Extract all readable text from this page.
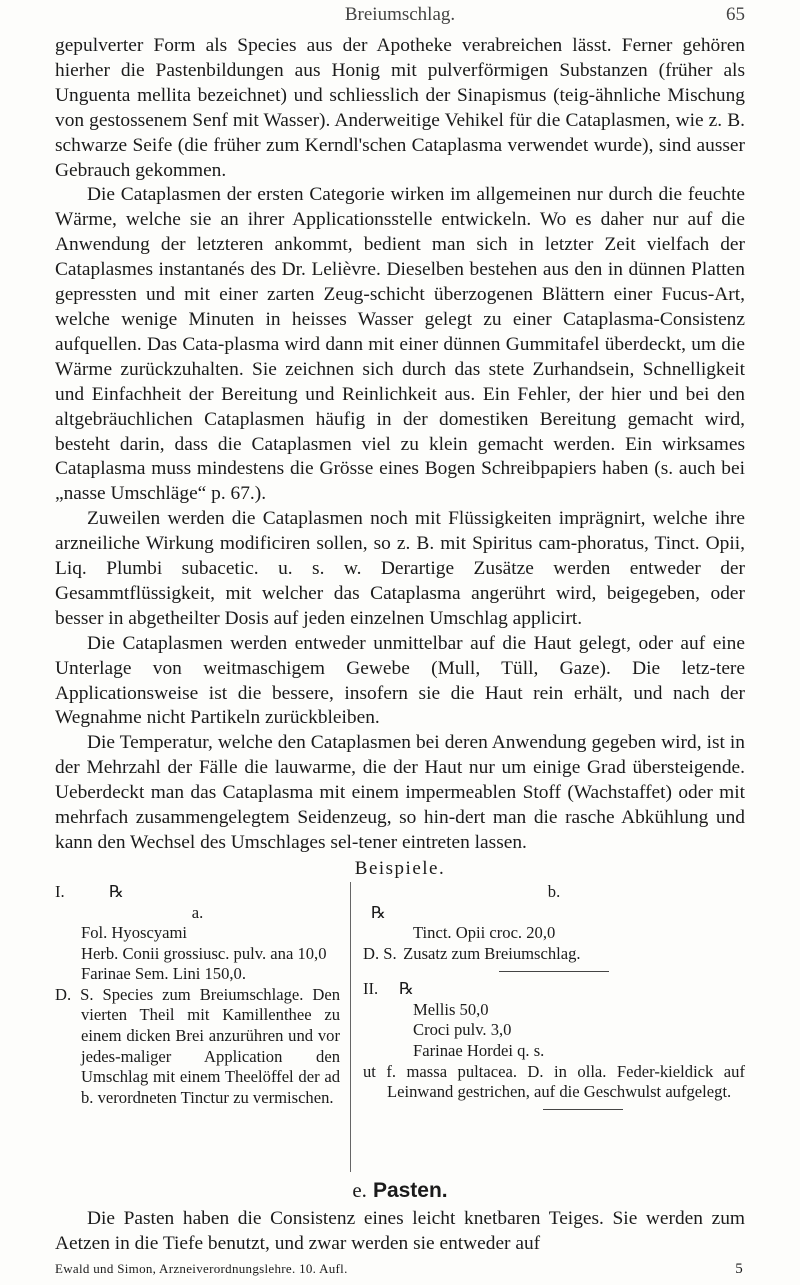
Breiumschlag.	65

gepulverter Form als Species aus der Apotheke verabreichen lässt. Ferner gehören hierher die Pastenbildungen aus Honig mit pulverförmigen Substanzen (früher als Unguenta mellita bezeichnet) und schliesslich der Sinapismus (teig-ähnliche Mischung von gestossenem Senf mit Wasser). Anderweitige Vehikel für die Cataplasmen, wie z. B. schwarze Seife (die früher zum Kerndl'schen Cataplasma verwendet wurde), sind ausser Gebrauch gekommen.

Die Cataplasmen der ersten Categorie wirken im allgemeinen nur durch die feuchte Wärme, welche sie an ihrer Applicationsstelle entwickeln. Wo es daher nur auf die Anwendung der letzteren ankommt, bedient man sich in letzter Zeit vielfach der Cataplasmes instantanés des Dr. Lelièvre. Dieselben bestehen aus den in dünnen Platten gepressten und mit einer zarten Zeug-schicht überzogenen Blättern einer Fucus-Art, welche wenige Minuten in heisses Wasser gelegt zu einer Cataplasma-Consistenz aufquellen. Das Cata-plasma wird dann mit einer dünnen Gummitafel überdeckt, um die Wärme zurückzuhalten. Sie zeichnen sich durch das stete Zurhandsein, Schnelligkeit und Einfachheit der Bereitung und Reinlichkeit aus. Ein Fehler, der hier und bei den altgebräuchlichen Cataplasmen häufig in der domestiken Bereitung gemacht wird, besteht darin, dass die Cataplasmen viel zu klein gemacht werden. Ein wirksames Cataplasma muss mindestens die Grösse eines Bogen Schreibpapiers haben (s. auch bei „nasse Umschläge“ p. 67.).

Zuweilen werden die Cataplasmen noch mit Flüssigkeiten imprägnirt, welche ihre arzneiliche Wirkung modificiren sollen, so z. B. mit Spiritus cam-phoratus, Tinct. Opii, Liq. Plumbi subacetic. u. s. w. Derartige Zusätze werden entweder der Gesammtflüssigkeit, mit welcher das Cataplasma angerührt wird, beigegeben, oder besser in abgetheilter Dosis auf jeden einzelnen Umschlag applicirt.

Die Cataplasmen werden entweder unmittelbar auf die Haut gelegt, oder auf eine Unterlage von weitmaschigem Gewebe (Mull, Tüll, Gaze). Die letz-tere Applicationsweise ist die bessere, insofern sie die Haut rein erhält, und nach der Wegnahme nicht Partikeln zurückbleiben.

Die Temperatur, welche den Cataplasmen bei deren Anwendung gegeben wird, ist in der Mehrzahl der Fälle die lauwarme, die der Haut nur um einige Grad übersteigende. Ueberdeckt man das Cataplasma mit einem impermeablen Stoff (Wachstaffet) oder mit mehrfach zusammengelegtem Seidenzeug, so hin-dert man die rasche Abkühlung und kann den Wechsel des Umschlages sel-tener eintreten lassen.

Beispiele.
I.	℞
a.
Fol. Hyoscyami
Herb. Conii grossiusc. pulv. ana 10,0
Farinae Sem. Lini 150,0.
D. S. Species zum Breiumschlage. Den vierten Theil mit Kamillenthee zu einem dicken Brei anzurühren und vor jedes-maliger Application den Umschlag mit einem Theelöffel der ad b. verordneten Tinctur zu vermischen.
b.
℞
Tinct. Opii croc. 20,0
D. S. Zusatz zum Breiumschlag.
II. ℞
Mellis 50,0
Croci pulv. 3,0
Farinae Hordei q. s.
ut f. massa pultacea. D. in olla. Feder-kieldick auf Leinwand gestrichen, auf die Geschwulst aufgelegt.
e. Pasten.

Die Pasten haben die Consistenz eines leicht knetbaren Teiges. Sie werden zum Aetzen in die Tiefe benutzt, und zwar werden sie entweder auf

Ewald und Simon, Arzneiverordnungslehre. 10. Aufl.	5
